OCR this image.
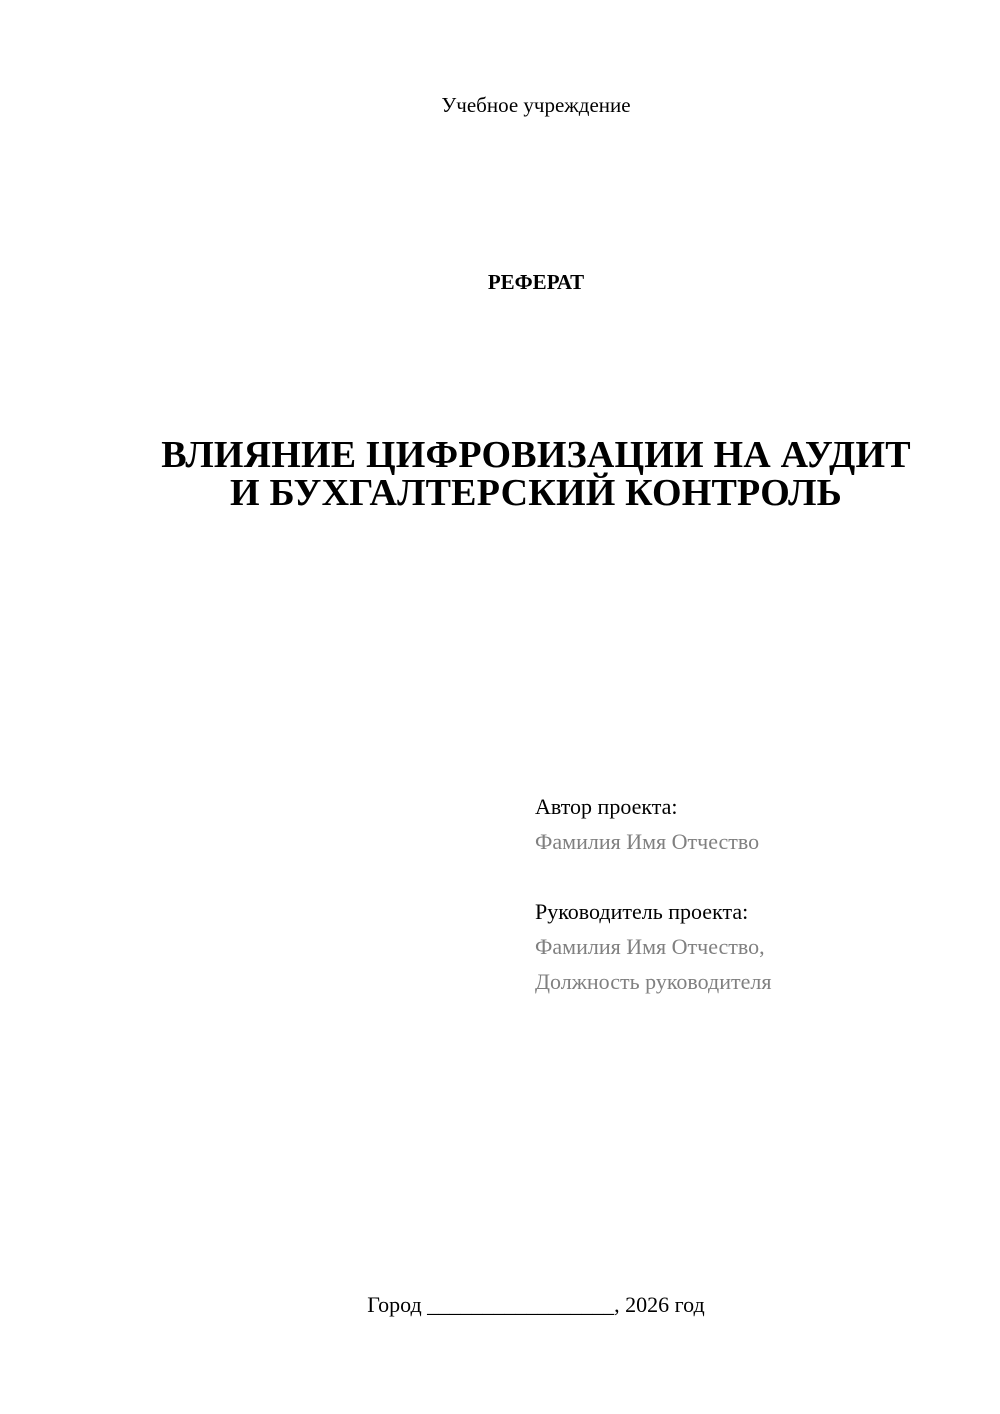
Учебное учреждение
РЕФЕРАТ
ВЛИЯНИЕ ЦИФРОВИЗАЦИИ НА АУДИТ
И БУХГАЛТЕРСКИЙ КОНТРОЛЬ
Автор проекта:
Фамилия Имя Отчество
Руководитель проекта:
Фамилия Имя Отчество,
Должность руководителя
Город _________________, 2026 год
